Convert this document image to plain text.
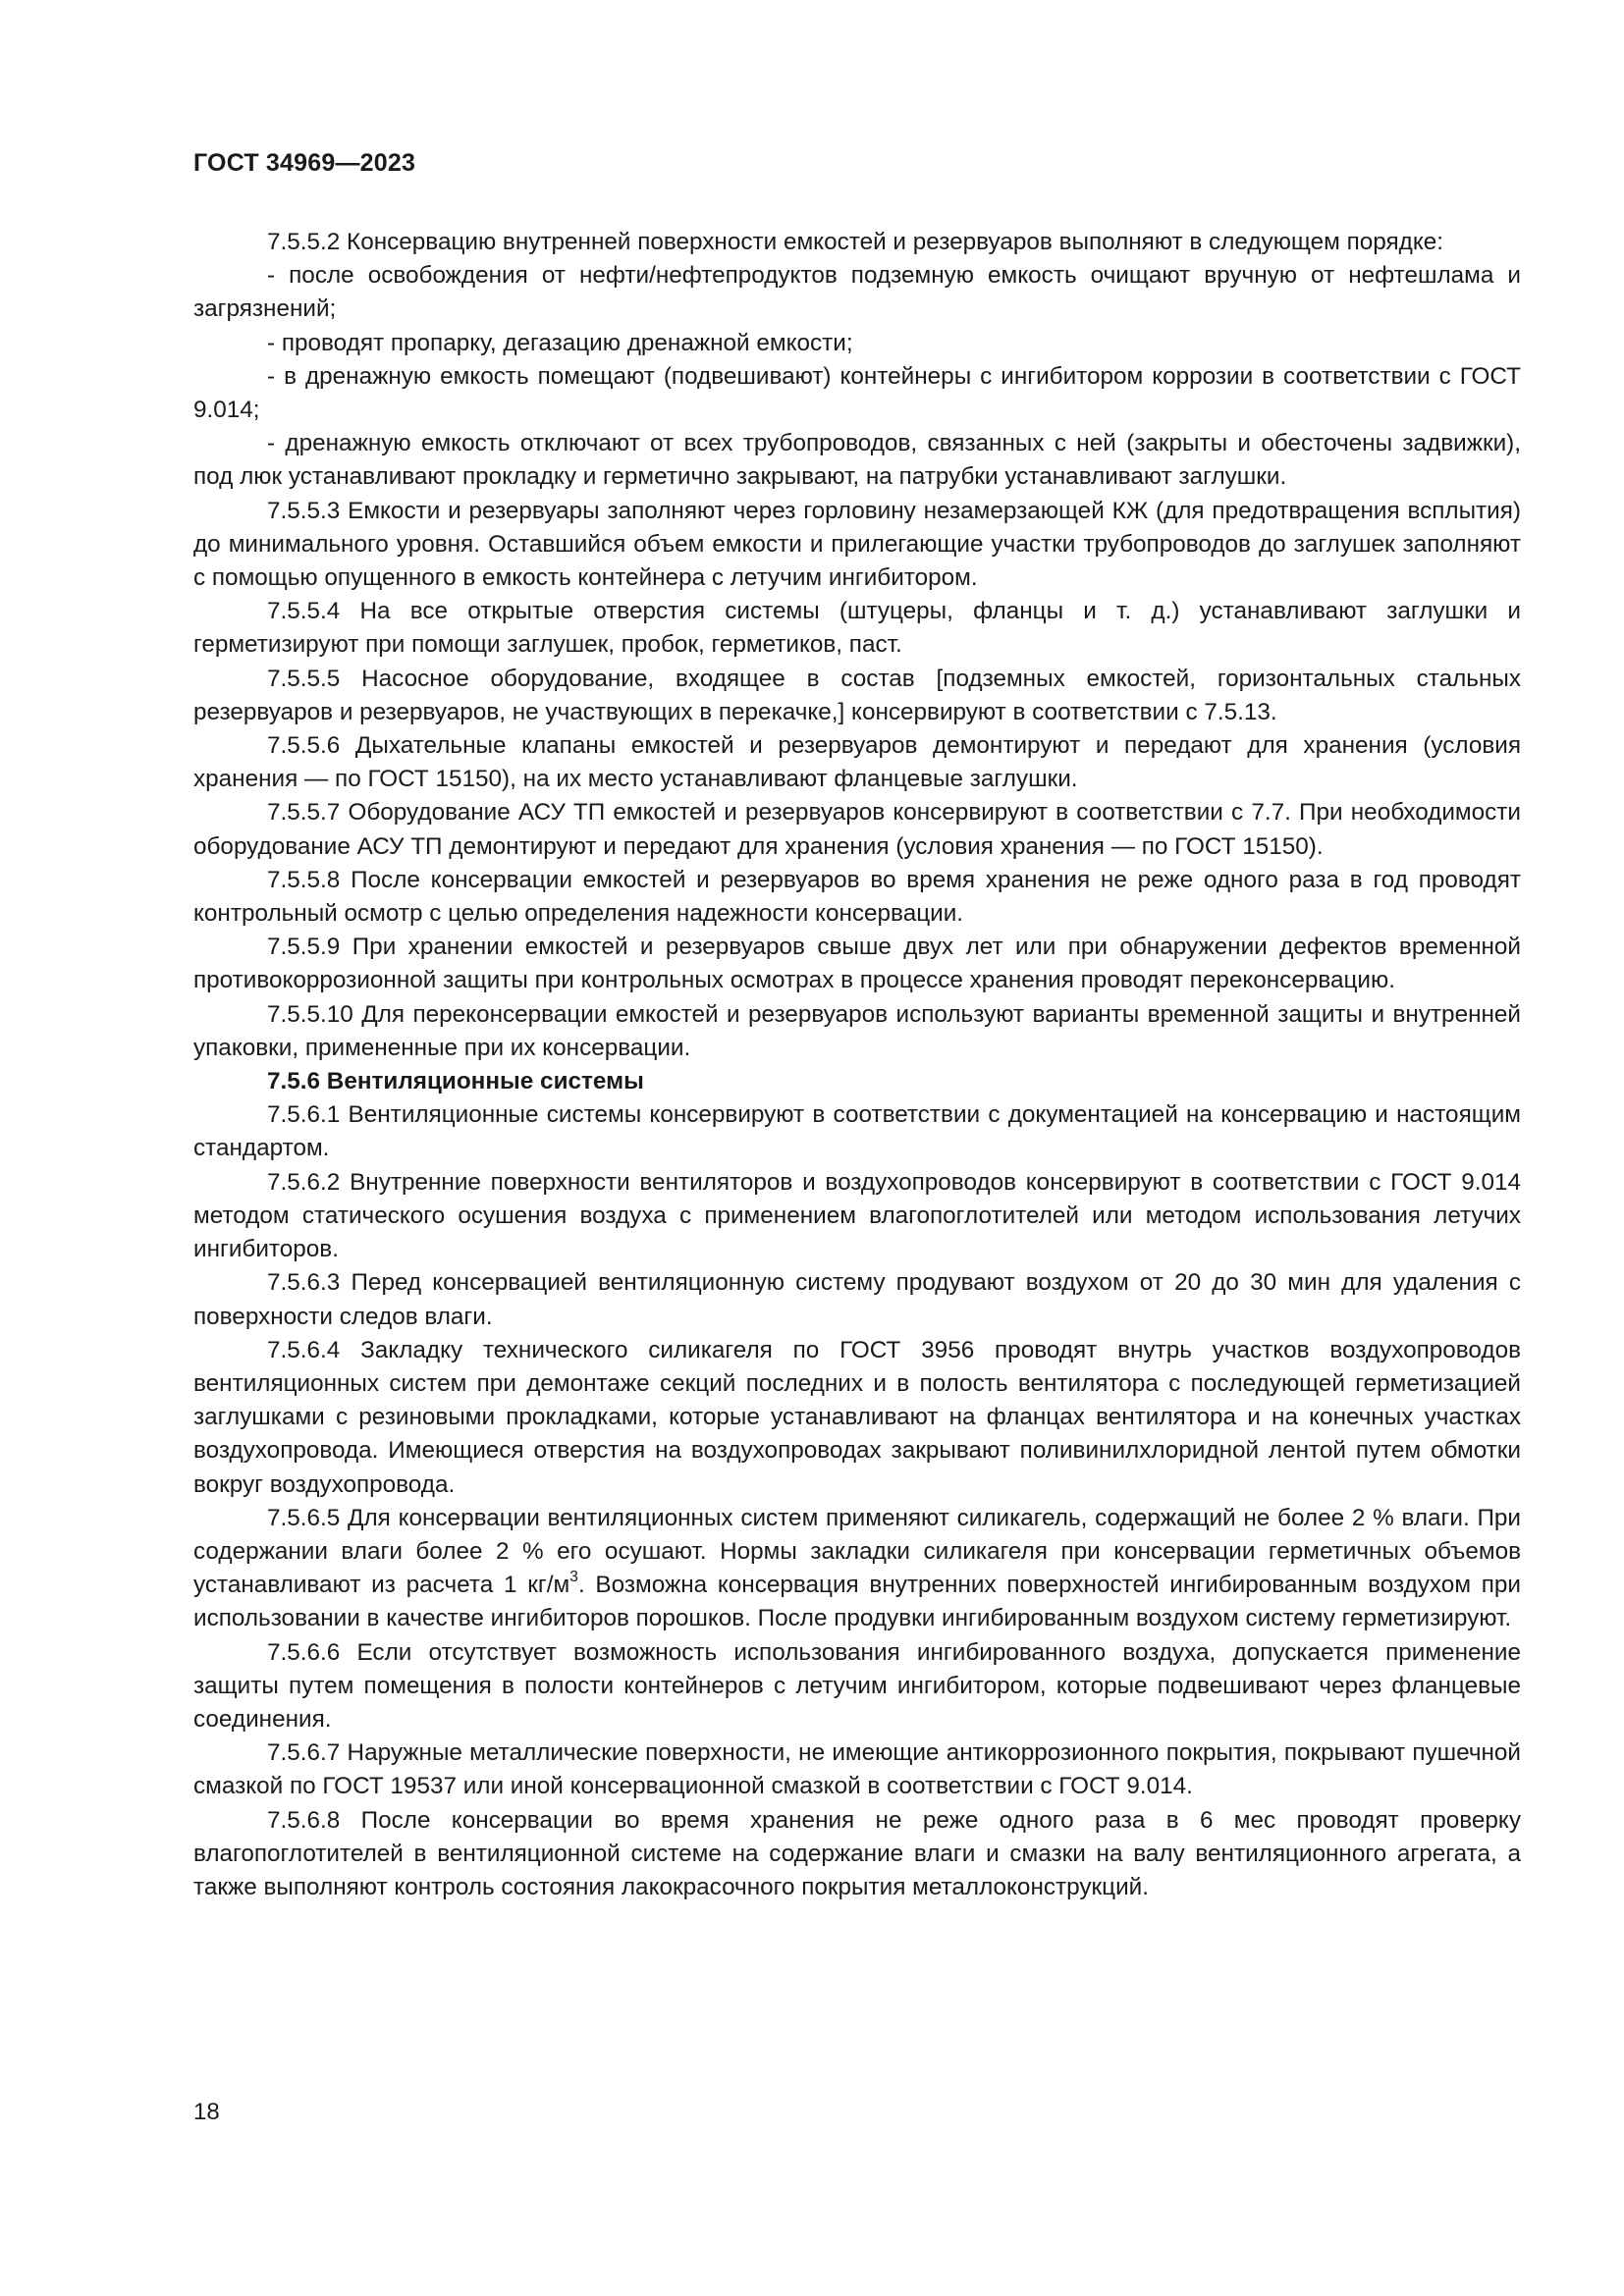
ГОСТ 34969—2023

7.5.5.2 Консервацию внутренней поверхности емкостей и резервуаров выполняют в следующем порядке:

- после освобождения от нефти/нефтепродуктов подземную емкость очищают вручную от нефтешлама и загрязнений;

- проводят пропарку, дегазацию дренажной емкости;

- в дренажную емкость помещают (подвешивают) контейнеры с ингибитором коррозии в соответствии с ГОСТ 9.014;

- дренажную емкость отключают от всех трубопроводов, связанных с ней (закрыты и обесточены задвижки), под люк устанавливают прокладку и герметично закрывают, на патрубки устанавливают заглушки.

7.5.5.3 Емкости и резервуары заполняют через горловину незамерзающей КЖ (для предотвращения всплытия) до минимального уровня. Оставшийся объем емкости и прилегающие участки трубопроводов до заглушек заполняют с помощью опущенного в емкость контейнера с летучим ингибитором.

7.5.5.4 На все открытые отверстия системы (штуцеры, фланцы и т. д.) устанавливают заглушки и герметизируют при помощи заглушек, пробок, герметиков, паст.

7.5.5.5 Насосное оборудование, входящее в состав [подземных емкостей, горизонтальных стальных резервуаров и резервуаров, не участвующих в перекачке,] консервируют в соответствии с 7.5.13.

7.5.5.6 Дыхательные клапаны емкостей и резервуаров демонтируют и передают для хранения (условия хранения — по ГОСТ 15150), на их место устанавливают фланцевые заглушки.

7.5.5.7 Оборудование АСУ ТП емкостей и резервуаров консервируют в соответствии с 7.7. При необходимости оборудование АСУ ТП демонтируют и передают для хранения (условия хранения — по ГОСТ 15150).

7.5.5.8 После консервации емкостей и резервуаров во время хранения не реже одного раза в год проводят контрольный осмотр с целью определения надежности консервации.

7.5.5.9 При хранении емкостей и резервуаров свыше двух лет или при обнаружении дефектов временной противокоррозионной защиты при контрольных осмотрах в процессе хранения проводят переконсервацию.

7.5.5.10 Для переконсервации емкостей и резервуаров используют варианты временной защиты и внутренней упаковки, примененные при их консервации.

7.5.6 Вентиляционные системы

7.5.6.1 Вентиляционные системы консервируют в соответствии с документацией на консервацию и настоящим стандартом.

7.5.6.2 Внутренние поверхности вентиляторов и воздухопроводов консервируют в соответствии с ГОСТ 9.014 методом статического осушения воздуха с применением влагопоглотителей или методом использования летучих ингибиторов.

7.5.6.3 Перед консервацией вентиляционную систему продувают воздухом от 20 до 30 мин для удаления с поверхности следов влаги.

7.5.6.4 Закладку технического силикагеля по ГОСТ 3956 проводят внутрь участков воздухопроводов вентиляционных систем при демонтаже секций последних и в полость вентилятора с последующей герметизацией заглушками с резиновыми прокладками, которые устанавливают на фланцах вентилятора и на конечных участках воздухопровода. Имеющиеся отверстия на воздухопроводах закрывают поливинилхлоридной лентой путем обмотки вокруг воздухопровода.

7.5.6.5 Для консервации вентиляционных систем применяют силикагель, содержащий не более 2 % влаги. При содержании влаги более 2 % его осушают. Нормы закладки силикагеля при консервации герметичных объемов устанавливают из расчета 1 $кг/м^3$. Возможна консервация внутренних поверхностей ингибированным воздухом при использовании в качестве ингибиторов порошков. После продувки ингибированным воздухом систему герметизируют.

7.5.6.6 Если отсутствует возможность использования ингибированного воздуха, допускается применение защиты путем помещения в полости контейнеров с летучим ингибитором, которые подвешивают через фланцевые соединения.

7.5.6.7 Наружные металлические поверхности, не имеющие антикоррозионного покрытия, покрывают пушечной смазкой по ГОСТ 19537 или иной консервационной смазкой в соответствии с ГОСТ 9.014.

7.5.6.8 После консервации во время хранения не реже одного раза в 6 мес проводят проверку влагопоглотителей в вентиляционной системе на содержание влаги и смазки на валу вентиляционного агрегата, а также выполняют контроль состояния лакокрасочного покрытия металлоконструкций.

18
